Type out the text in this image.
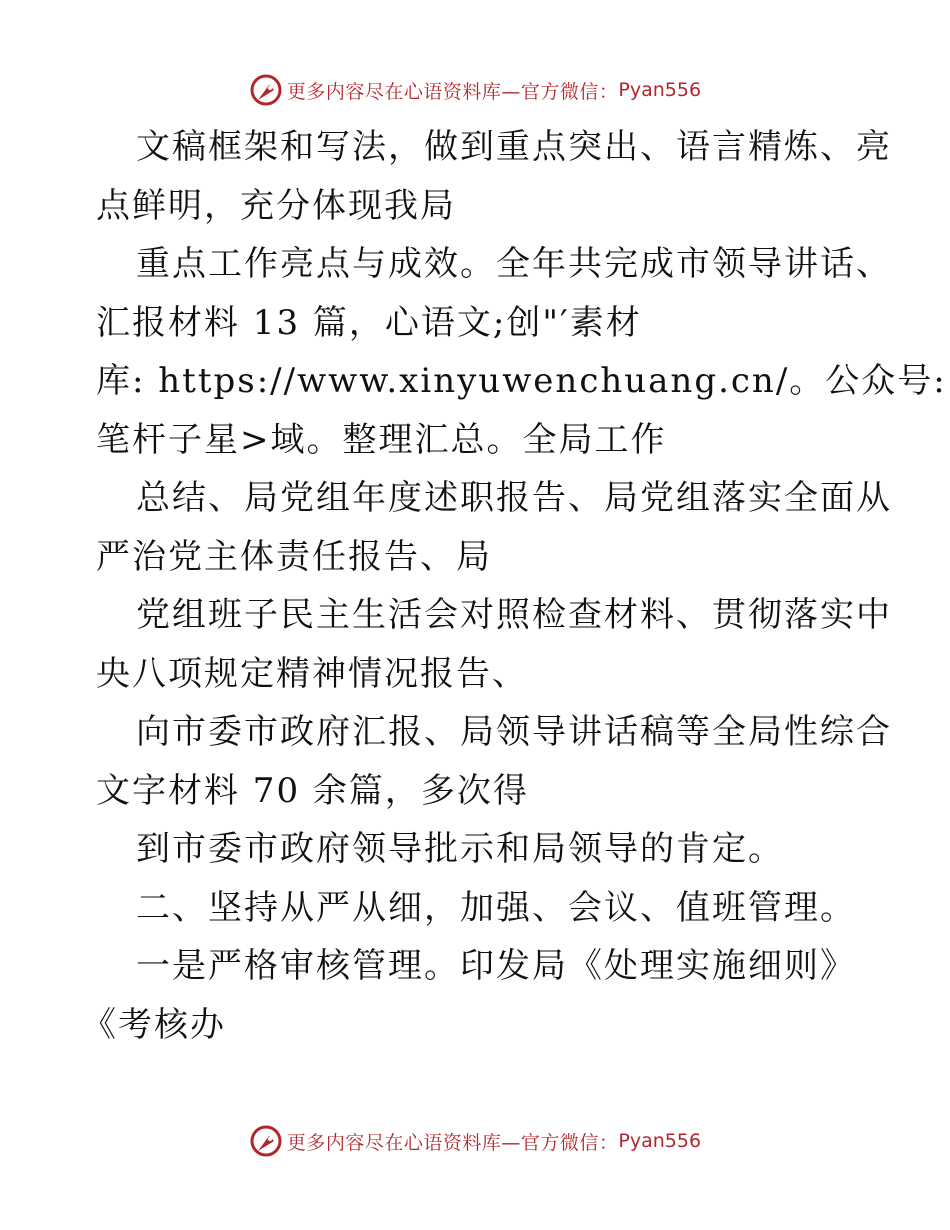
更多内容尽在心语资料库—官方微信： Pyan556
文稿框架和写法，做到重点突出、语言精炼、亮
点鲜明，充分体现我局
重点工作亮点与成效。全年共完成市领导讲话、
汇报材料 13 篇，心语文;创"′素材
库: https://www.xinyuwenchuang.cn/。公众号:
笔杆子星>域。整理汇总。全局工作
总结、局党组年度述职报告、局党组落实全面从
严治党主体责任报告、局
党组班子民主生活会对照检查材料、贯彻落实中
央八项规定精神情况报告、
向市委市政府汇报、局领导讲话稿等全局性综合
文字材料 70 余篇，多次得
到市委市政府领导批示和局领导的肯定。
二、坚持从严从细，加强、会议、值班管理。
一是严格审核管理。印发局《处理实施细则》
《考核办
更多内容尽在心语资料库—官方微信： Pyan556
